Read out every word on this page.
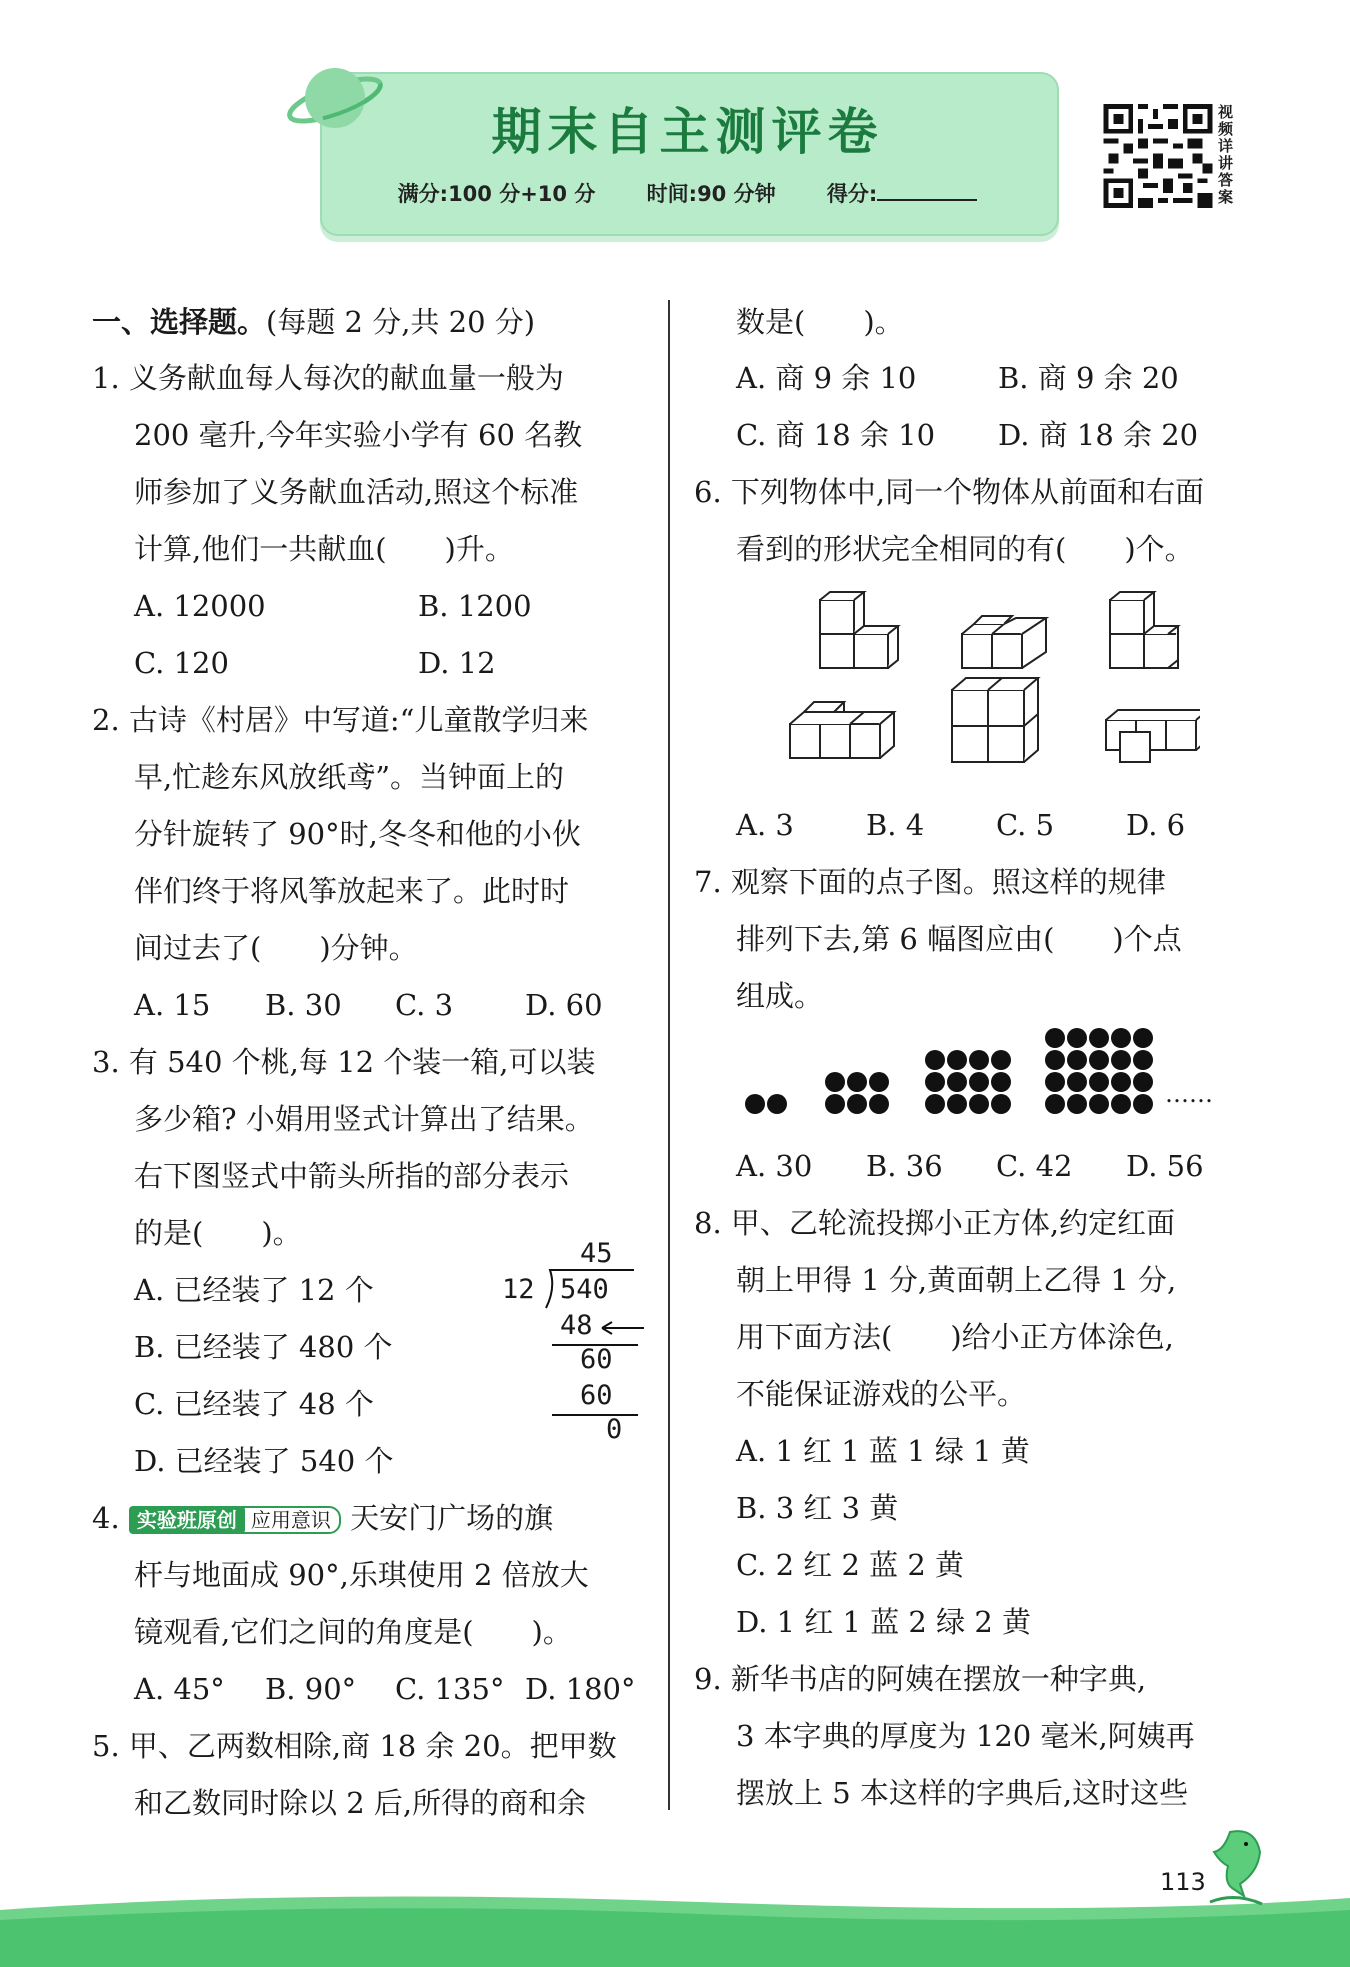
期末自主测评卷
满分:100 分+10 分 时间:90 分钟 得分:
视频详讲答案
一、选择题。(每题 2 分,共 20 分)
1. 义务献血每人每次的献血量一般为
200 毫升,今年实验小学有 60 名教
师参加了义务献血活动,照这个标准
计算,他们一共献血(　　)升。
A. 12000	B. 1200
C. 120	D. 12
2. 古诗《村居》中写道:“儿童散学归来
早,忙趁东风放纸鸢”。当钟面上的
分针旋转了 90°时,冬冬和他的小伙
伴们终于将风筝放起来了。此时时
间过去了(　　)分钟。
A. 15 B. 30 C. 3 D. 60
3. 有 540 个桃,每 12 个装一箱,可以装
多少箱? 小娟用竖式计算出了结果。
右下图竖式中箭头所指的部分表示
的是(　　)。
A. 已经装了 12 个
B. 已经装了 480 个
C. 已经装了 48 个
D. 已经装了 540 个
45
12 540
48
60
60
0
4. 实验班原创 应用意识 天安门广场的旗
杆与地面成 90°,乐琪使用 2 倍放大
镜观看,它们之间的角度是(　　)。
A. 45° B. 90° C. 135° D. 180°
5. 甲、乙两数相除,商 18 余 20。把甲数
和乙数同时除以 2 后,所得的商和余
数是(　　)。
A. 商 9 余 10	B. 商 9 余 20
C. 商 18 余 10 D. 商 18 余 20
6. 下列物体中,同一个物体从前面和右面
看到的形状完全相同的有(　　)个。
A. 3 B. 4 C. 5 D. 6
7. 观察下面的点子图。照这样的规律
排列下去,第 6 幅图应由(　　)个点
组成。
……
A. 30 B. 36 C. 42 D. 56
8. 甲、乙轮流投掷小正方体,约定红面
朝上甲得 1 分,黄面朝上乙得 1 分,
用下面方法(　　)给小正方体涂色,
不能保证游戏的公平。
A. 1 红 1 蓝 1 绿 1 黄
B. 3 红 3 黄
C. 2 红 2 蓝 2 黄
D. 1 红 1 蓝 2 绿 2 黄
9. 新华书店的阿姨在摆放一种字典,
3 本字典的厚度为 120 毫米,阿姨再
摆放上 5 本这样的字典后,这时这些
113
